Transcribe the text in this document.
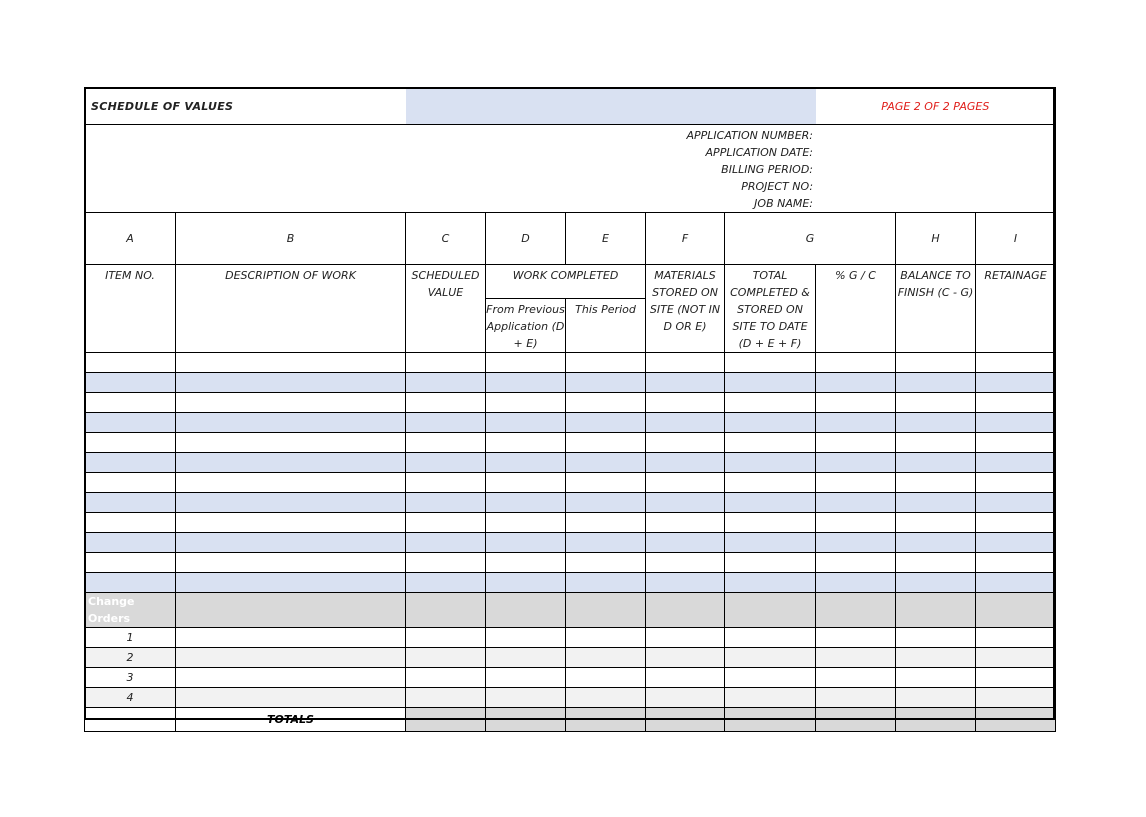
SCHEDULE OF VALUES							PAGE 2 OF 2 PAGES		

APPLICATION NUMBER:
APPLICATION DATE:
BILLING PERIOD:
PROJECT NO:
JOB NAME:									

A	B	C	D	E	F	G		H	I
ITEM NO.	DESCRIPTION OF WORK	SCHEDULED VALUE	WORK COMPLETED		MATERIALS STORED ON SITE (NOT IN D OR E)	TOTAL COMPLETED & STORED ON SITE TO DATE (D + E + F)	% G / C	BALANCE TO FINISH (C - G)	RETAINAGE
			From Previous Application (D + E)	This Period					

Change Orders									
1									
2									
3									
4									
	TOTALS								
